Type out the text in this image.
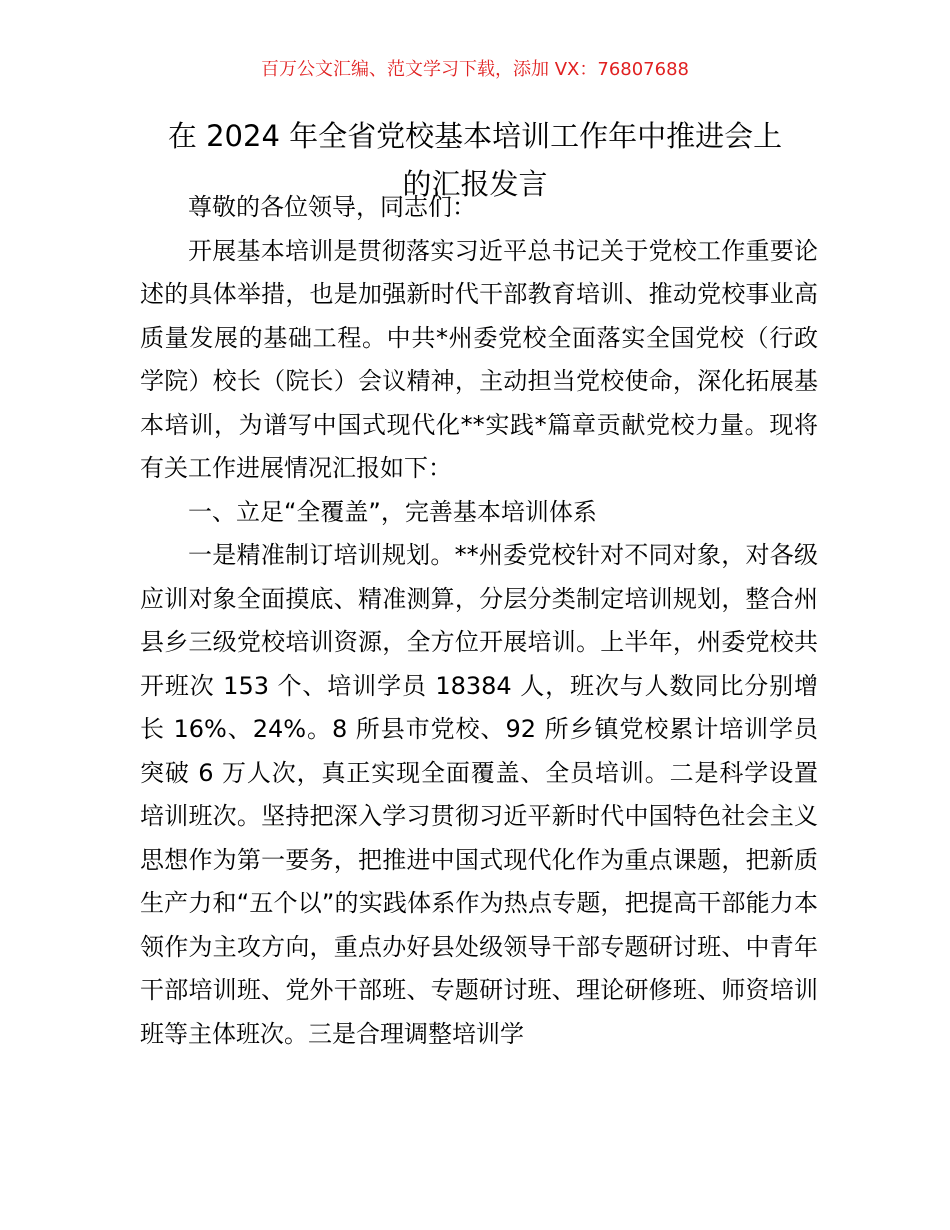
百万公文汇编、范文学习下载，添加 VX：76807688
在 2024 年全省党校基本培训工作年中推进会上
的汇报发言

尊敬的各位领导，同志们：

开展基本培训是贯彻落实习近平总书记关于党校工作重要论述的具体举措，也是加强新时代干部教育培训、推动党校事业高质量发展的基础工程。中共*州委党校全面落实全国党校（行政学院）校长（院长）会议精神，主动担当党校使命，深化拓展基本培训，为谱写中国式现代化**实践*篇章贡献党校力量。现将有关工作进展情况汇报如下：

一、立足“全覆盖”，完善基本培训体系

一是精准制订培训规划。**州委党校针对不同对象，对各级应训对象全面摸底、精准测算，分层分类制定培训规划，整合州县乡三级党校培训资源，全方位开展培训。上半年，州委党校共开班次 153 个、培训学员 18384 人，班次与人数同比分别增长 16%、24%。8 所县市党校、92 所乡镇党校累计培训学员突破 6 万人次，真正实现全面覆盖、全员培训。二是科学设置培训班次。坚持把深入学习贯彻习近平新时代中国特色社会主义思想作为第一要务，把推进中国式现代化作为重点课题，把新质生产力和“五个以”的实践体系作为热点专题，把提高干部能力本领作为主攻方向，重点办好县处级领导干部专题研讨班、中青年干部培训班、党外干部班、专题研讨班、理论研修班、师资培训班等主体班次。三是合理调整培训学
